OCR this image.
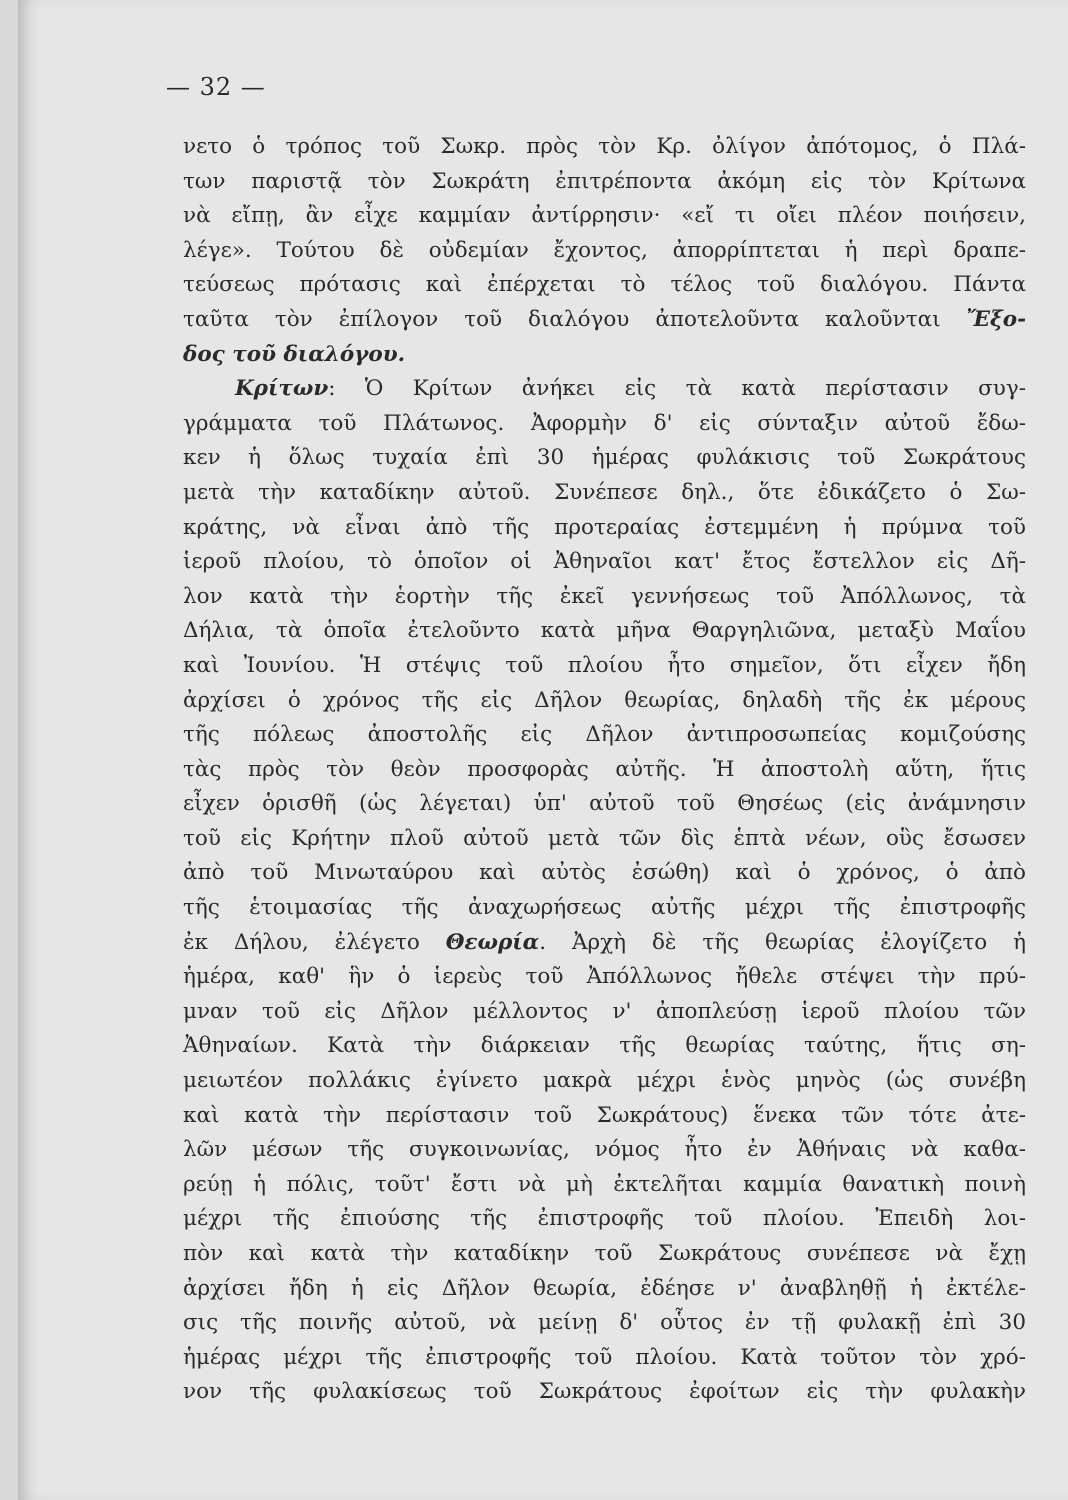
— 32 —
νετο ὁ τρόπος τοῦ Σωκρ. πρὸς τὸν Κρ. ὀλίγον ἀπότομος, ὁ Πλά-
των παριστᾷ τὸν Σωκράτη ἐπιτρέποντα ἀκόμη εἰς τὸν Κρίτωνα
νὰ εἴπῃ, ἂν εἶχε καμμίαν ἀντίρρησιν· «εἴ τι οἴει πλέον ποιήσειν,
λέγε». Τούτου δὲ οὐδεμίαν ἔχοντος, ἀπορρίπτεται ἡ περὶ δραπε-
τεύσεως πρότασις καὶ ἐπέρχεται τὸ τέλος τοῦ διαλόγου. Πάντα
ταῦτα τὸν ἐπίλογον τοῦ διαλόγου ἀποτελοῦντα καλοῦνται Ἔξο-
δος τοῦ διαλόγου.
Κρίτων: Ὁ Κρίτων ἀνήκει εἰς τὰ κατὰ περίστασιν συγ-
γράμματα τοῦ Πλάτωνος. Ἀφορμὴν δ' εἰς σύνταξιν αὐτοῦ ἔδω-
κεν ἡ ὅλως τυχαία ἐπὶ 30 ἡμέρας φυλάκισις τοῦ Σωκράτους
μετὰ τὴν καταδίκην αὐτοῦ. Συνέπεσε δηλ., ὅτε ἐδικάζετο ὁ Σω-
κράτης, νὰ εἶναι ἀπὸ τῆς προτεραίας ἐστεμμένη ἡ πρύμνα τοῦ
ἱεροῦ πλοίου, τὸ ὁποῖον οἱ Ἀθηναῖοι κατ' ἔτος ἔστελλον εἰς Δῆ-
λον κατὰ τὴν ἑορτὴν τῆς ἐκεῖ γεννήσεως τοῦ Ἀπόλλωνος, τὰ
Δήλια, τὰ ὁποῖα ἐτελοῦντο κατὰ μῆνα Θαργηλιῶνα, μεταξὺ Μαΐου
καὶ Ἰουνίου. Ἡ στέψις τοῦ πλοίου ἦτο σημεῖον, ὅτι εἶχεν ἤδη
ἀρχίσει ὁ χρόνος τῆς εἰς Δῆλον θεωρίας, δηλαδὴ τῆς ἐκ μέρους
τῆς πόλεως ἀποστολῆς εἰς Δῆλον ἀντιπροσωπείας κομιζούσης
τὰς πρὸς τὸν θεὸν προσφορὰς αὐτῆς. Ἡ ἀποστολὴ αὕτη, ἥτις
εἶχεν ὁρισθῆ (ὡς λέγεται) ὑπ' αὐτοῦ τοῦ Θησέως (εἰς ἀνάμνησιν
τοῦ εἰς Κρήτην πλοῦ αὐτοῦ μετὰ τῶν δὶς ἑπτὰ νέων, οὓς ἔσωσεν
ἀπὸ τοῦ Μινωταύρου καὶ αὐτὸς ἐσώθη) καὶ ὁ χρόνος, ὁ ἀπὸ
τῆς ἑτοιμασίας τῆς ἀναχωρήσεως αὐτῆς μέχρι τῆς ἐπιστροφῆς
ἐκ Δήλου, ἐλέγετο Θεωρία. Ἀρχὴ δὲ τῆς θεωρίας ἐλογίζετο ἡ
ἡμέρα, καθ' ἣν ὁ ἱερεὺς τοῦ Ἀπόλλωνος ἤθελε στέψει τὴν πρύ-
μναν τοῦ εἰς Δῆλον μέλλοντος ν' ἀποπλεύσῃ ἱεροῦ πλοίου τῶν
Ἀθηναίων. Κατὰ τὴν διάρκειαν τῆς θεωρίας ταύτης, ἥτις ση-
μειωτέον πολλάκις ἐγίνετο μακρὰ μέχρι ἑνὸς μηνὸς (ὡς συνέβη
καὶ κατὰ τὴν περίστασιν τοῦ Σωκράτους) ἕνεκα τῶν τότε ἀτε-
λῶν μέσων τῆς συγκοινωνίας, νόμος ἦτο ἐν Ἀθήναις νὰ καθα-
ρεύῃ ἡ πόλις, τοῦτ' ἔστι νὰ μὴ ἐκτελῆται καμμία θανατικὴ ποινὴ
μέχρι τῆς ἐπιούσης τῆς ἐπιστροφῆς τοῦ πλοίου. Ἐπειδὴ λοι-
πὸν καὶ κατὰ τὴν καταδίκην τοῦ Σωκράτους συνέπεσε νὰ ἔχῃ
ἀρχίσει ἤδη ἡ εἰς Δῆλον θεωρία, ἐδέησε ν' ἀναβληθῇ ἡ ἐκτέλε-
σις τῆς ποινῆς αὐτοῦ, νὰ μείνῃ δ' οὗτος ἐν τῇ φυλακῇ ἐπὶ 30
ἡμέρας μέχρι τῆς ἐπιστροφῆς τοῦ πλοίου. Κατὰ τοῦτον τὸν χρό-
νον τῆς φυλακίσεως τοῦ Σωκράτους ἐφοίτων εἰς τὴν φυλακὴν
